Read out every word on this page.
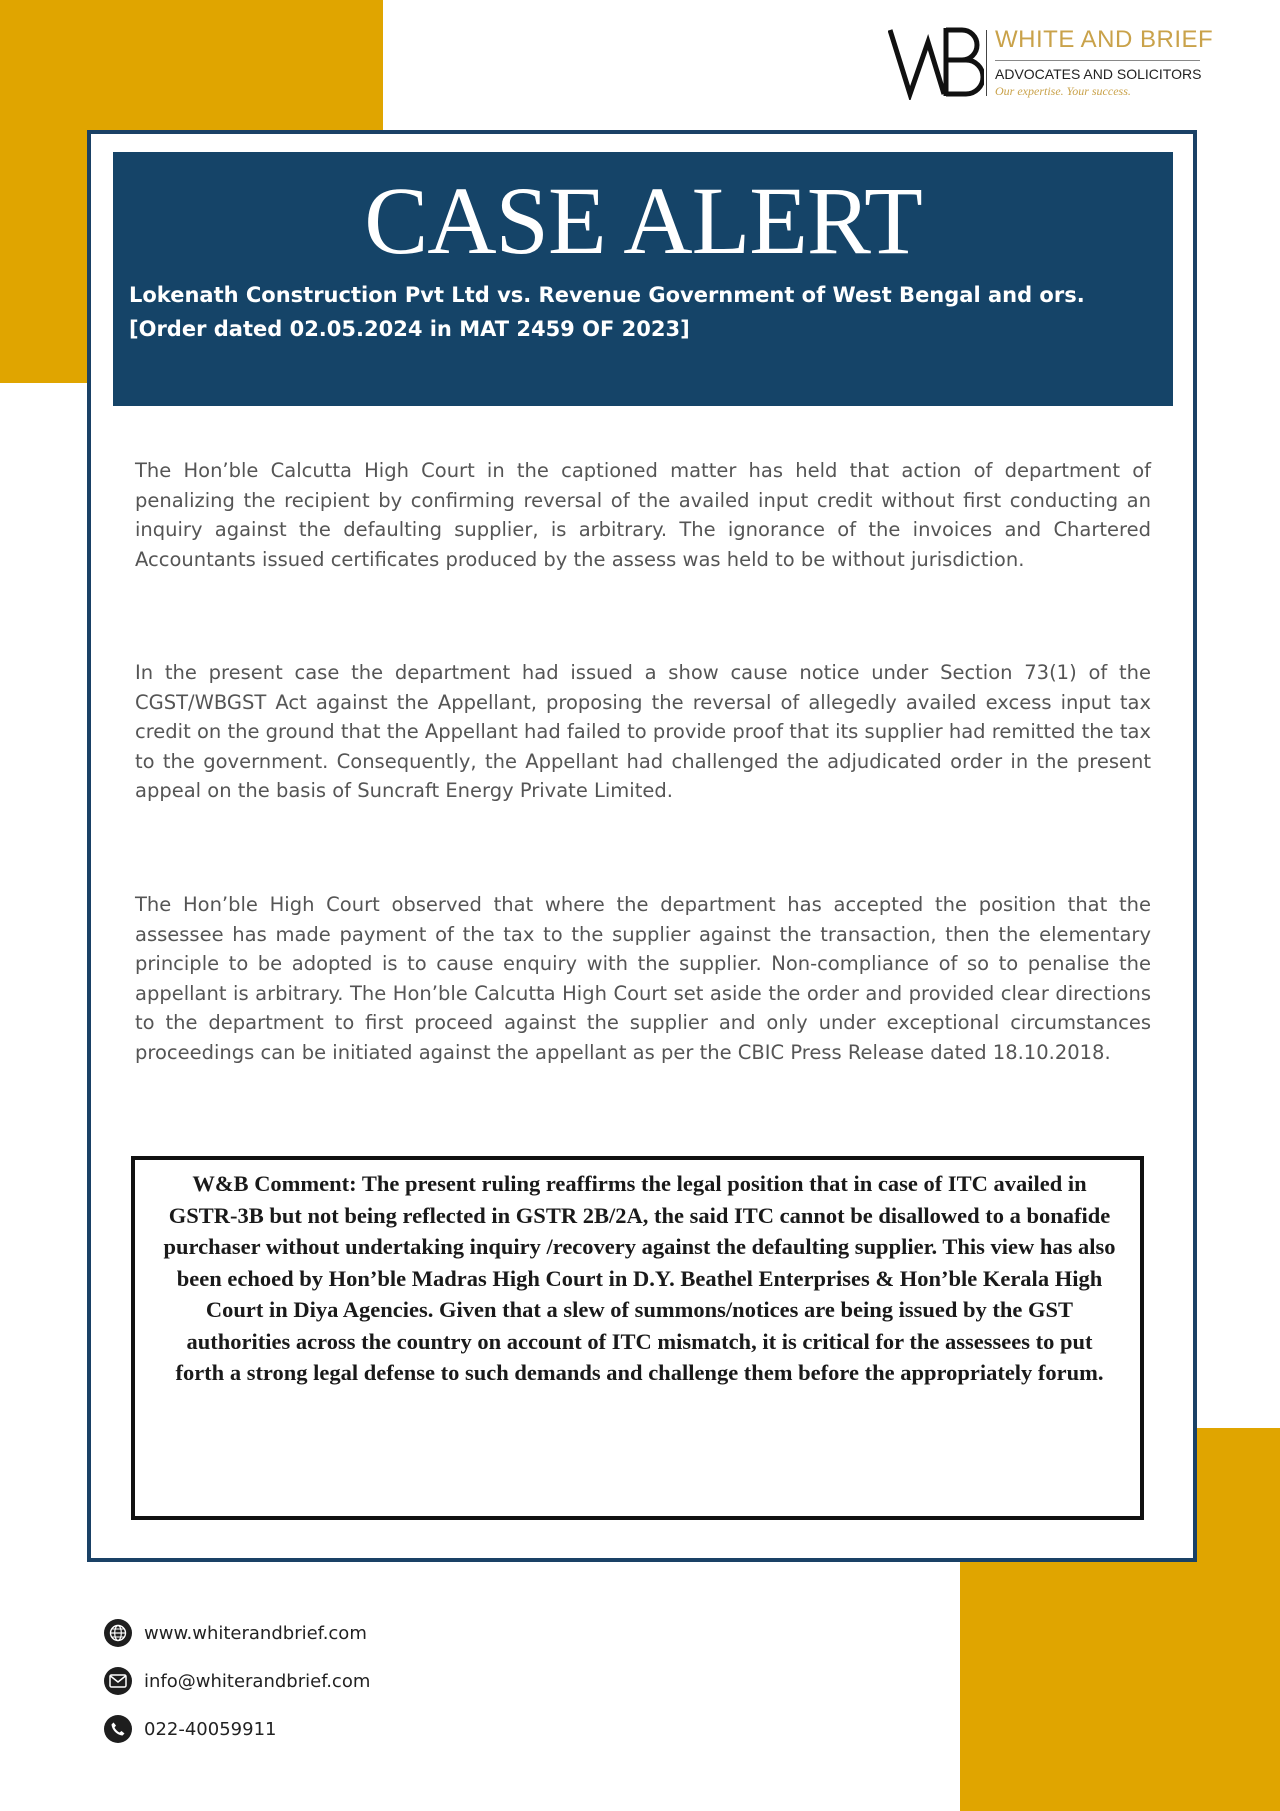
WHITE AND BRIEF
ADVOCATES AND SOLICITORS
Our expertise. Your success.
CASE ALERT
Lokenath Construction Pvt Ltd vs. Revenue Government of West Bengal and ors.
[Order dated 02.05.2024 in MAT 2459 OF 2023]

The Hon’ble Calcutta High Court in the captioned matter has held that action of department of penalizing the recipient by confirming reversal of the availed input credit without first conducting an inquiry against the defaulting supplier, is arbitrary. The ignorance of the invoices and Chartered Accountants issued certificates produced by the assess was held to be without jurisdiction.

In the present case the department had issued a show cause notice under Section 73(1) of the CGST/WBGST Act against the Appellant, proposing the reversal of allegedly availed excess input tax credit on the ground that the Appellant had failed to provide proof that its supplier had remitted the tax to the government. Consequently, the Appellant had challenged the adjudicated order in the present appeal on the basis of Suncraft Energy Private Limited.

The Hon’ble High Court observed that where the department has accepted the position that the assessee has made payment of the tax to the supplier against the transaction, then the elementary principle to be adopted is to cause enquiry with the supplier. Non-compliance of so to penalise the appellant is arbitrary. The Hon’ble Calcutta High Court set aside the order and provided clear directions to the department to first proceed against the supplier and only under exceptional circumstances proceedings can be initiated against the appellant as per the CBIC Press Release dated 18.10.2018.

W&B Comment: The present ruling reaffirms the legal position that in case of ITC availed in GSTR-3B but not being reflected in GSTR 2B/2A, the said ITC cannot be disallowed to a bonafide purchaser without undertaking inquiry /recovery against the defaulting supplier. This view has also been echoed by Hon’ble Madras High Court in D.Y. Beathel Enterprises & Hon’ble Kerala High Court in Diya Agencies. Given that a slew of summons/notices are being issued by the GST authorities across the country on account of ITC mismatch, it is critical for the assessees to put forth a strong legal defense to such demands and challenge them before the appropriately forum.

www.whiterandbrief.com
info@whiterandbrief.com
022-40059911
